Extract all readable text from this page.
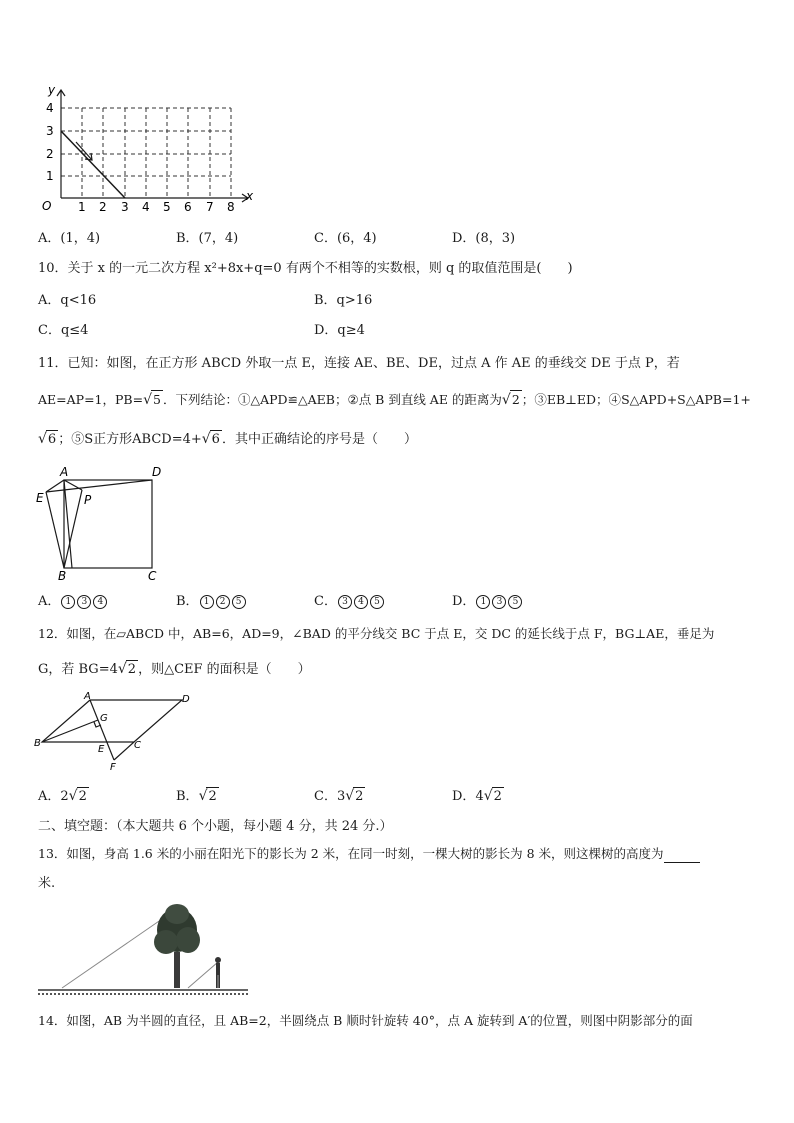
y
x
O
4
3
2
1
1 2 3 4 5 6 7 8
A．(1，4)	B．(7，4)	C．(6，4)	D．(8，3)
10．关于 x 的一元二次方程 x²+8x+q=0 有两个不相等的实数根，则 q 的取值范围是(　　)
A．q<16	B．q>16
C．q≤4	D．q≥4
11．已知：如图，在正方形 ABCD 外取一点 E，连接 AE、BE、DE，过点 A 作 AE 的垂线交 DE 于点 P，若
AE=AP=1，PB=√5 ．下列结论：①△APD≌△AEB；②点 B 到直线 AE 的距离为√2 ；③EB⊥ED；④S△APD+S△APB=1+
√6 ；⑤S正方形ABCD=4+√6 ．其中正确结论的序号是（　　）
A	D
E	P
B	C
A． 1 3 4	B． 1 2 5	C． 3 4 5	D． 1 3 5
12．如图，在▱ABCD 中，AB=6，AD=9，∠BAD 的平分线交 BC 于点 E，交 DC 的延长线于点 F，BG⊥AE，垂足为
G，若 BG=4√2 ，则△CEF 的面积是（　　）
A	D
G
B
E	C
F
A．2√2	B．√2	C．3√2	D．4√2
二、填空题：（本大题共 6 个小题，每小题 4 分，共 24 分.）
13．如图，身高 1.6 米的小丽在阳光下的影长为 2 米，在同一时刻，一棵大树的影长为 8 米，则这棵树的高度为
米.
14．如图，AB 为半圆的直径，且 AB=2，半圆绕点 B 顺时针旋转 40°，点 A 旋转到 A′的位置，则图中阴影部分的面
